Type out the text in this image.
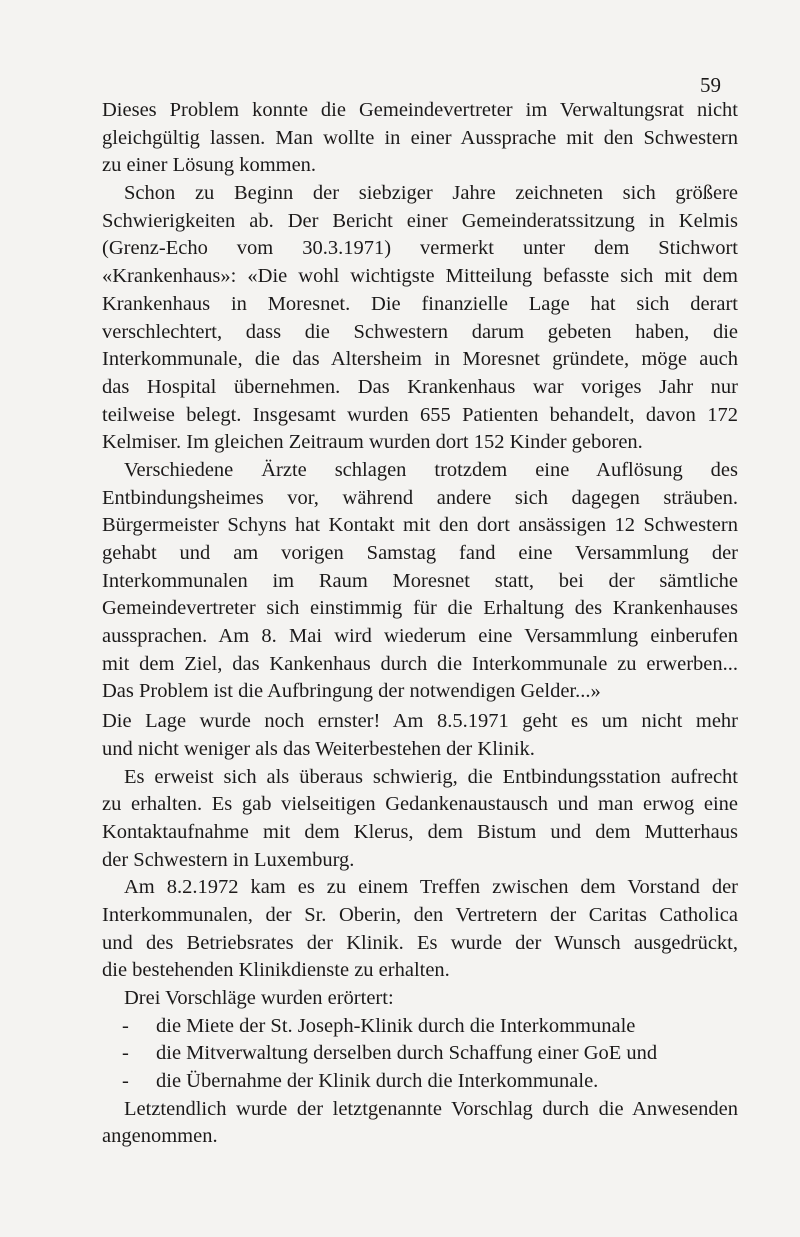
59
Dieses Problem konnte die Gemeindevertreter im Verwaltungsrat nicht
gleichgültig lassen. Man wollte in einer Aussprache mit den Schwestern
zu einer Lösung kommen.
Schon zu Beginn der siebziger Jahre zeichneten sich größere
Schwierigkeiten ab. Der Bericht einer Gemeinderatssitzung in Kelmis
(Grenz-Echo vom 30.3.1971) vermerkt unter dem Stichwort
«Krankenhaus»: «Die wohl wichtigste Mitteilung befasste sich mit dem
Krankenhaus in Moresnet. Die finanzielle Lage hat sich derart
verschlechtert, dass die Schwestern darum gebeten haben, die
Interkommunale, die das Altersheim in Moresnet gründete, möge auch
das Hospital übernehmen. Das Krankenhaus war voriges Jahr nur
teilweise belegt. Insgesamt wurden 655 Patienten behandelt, davon 172
Kelmiser. Im gleichen Zeitraum wurden dort 152 Kinder geboren.
Verschiedene Ärzte schlagen trotzdem eine Auflösung des
Entbindungsheimes vor, während andere sich dagegen sträuben.
Bürgermeister Schyns hat Kontakt mit den dort ansässigen 12 Schwestern
gehabt und am vorigen Samstag fand eine Versammlung der
Interkommunalen im Raum Moresnet statt, bei der sämtliche
Gemeindevertreter sich einstimmig für die Erhaltung des Krankenhauses
aussprachen. Am 8. Mai wird wiederum eine Versammlung einberufen
mit dem Ziel, das Kankenhaus durch die Interkommunale zu erwerben...
Das Problem ist die Aufbringung der notwendigen Gelder...»
Die Lage wurde noch ernster! Am 8.5.1971 geht es um nicht mehr
und nicht weniger als das Weiterbestehen der Klinik.
Es erweist sich als überaus schwierig, die Entbindungsstation aufrecht
zu erhalten. Es gab vielseitigen Gedankenaustausch und man erwog eine
Kontaktaufnahme mit dem Klerus, dem Bistum und dem Mutterhaus
der Schwestern in Luxemburg.
Am 8.2.1972 kam es zu einem Treffen zwischen dem Vorstand der
Interkommunalen, der Sr. Oberin, den Vertretern der Caritas Catholica
und des Betriebsrates der Klinik. Es wurde der Wunsch ausgedrückt,
die bestehenden Klinikdienste zu erhalten.
Drei Vorschläge wurden erörtert:
-	die Miete der St. Joseph-Klinik durch die Interkommunale
-	die Mitverwaltung derselben durch Schaffung einer GoE und
-	die Übernahme der Klinik durch die Interkommunale.
Letztendlich wurde der letztgenannte Vorschlag durch die Anwesenden
angenommen.
